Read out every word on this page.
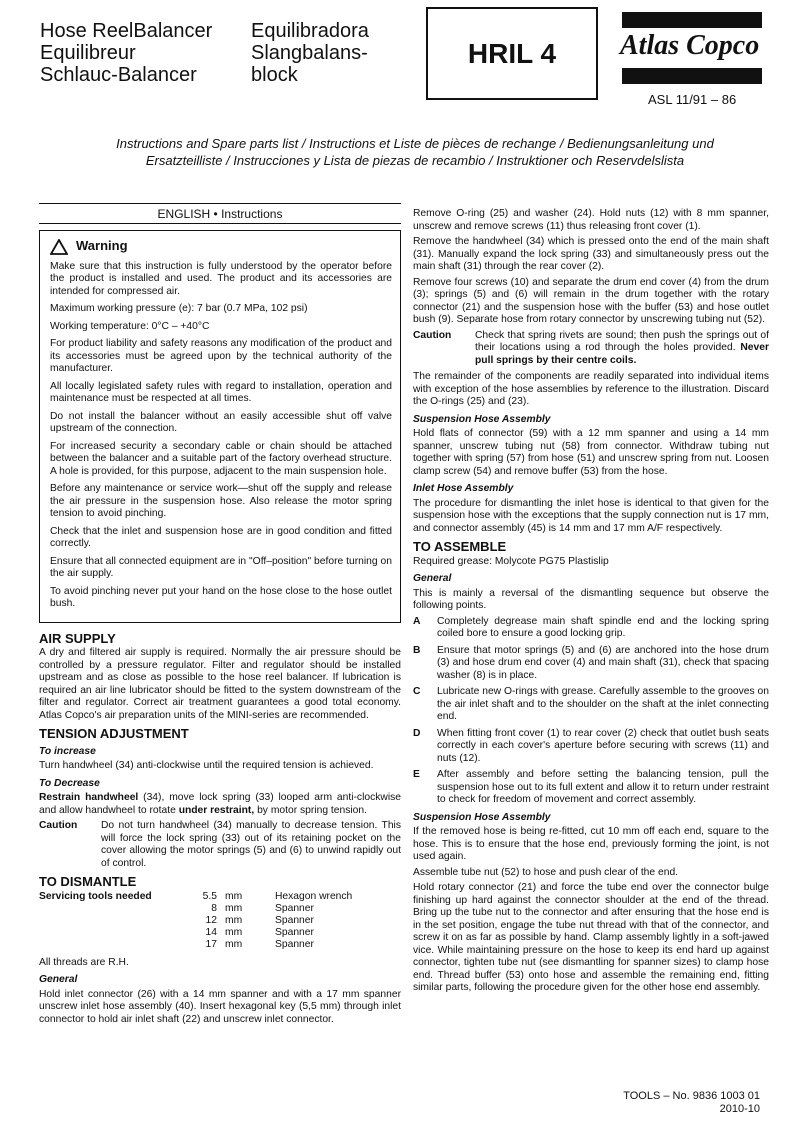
Hose ReelBalancer
Equilibreur
Schlauc-Balancer
Equilibradora
Slangbalans-
block
HRIL 4 Atlas Copco
ASL 11/91 – 86
Instructions and Spare parts list / Instructions et Liste de pièces de rechange / Bedienungsanleitung und
Ersatzteilliste / Instrucciones y Lista de piezas de recambio / Instruktioner och Reservdelslista
ENGLISH • Instructions
Warning

Make sure that this instruction is fully understood by the operator before the product is installed and used. The product and its accessories are intended for compressed air.

Maximum working pressure (e): 7 bar (0.7 MPa, 102 psi)

Working temperature: 0°C – +40°C

For product liability and safety reasons any modification of the product and its accessories must be agreed upon by the technical authority of the manufacturer.

All locally legislated safety rules with regard to installation, operation and maintenance must be respected at all times.

Do not install the balancer without an easily accessible shut off valve upstream of the connection.

For increased security a secondary cable or chain should be attached between the balancer and a suitable part of the factory overhead structure. A hole is provided, for this purpose, adjacent to the main suspension hole.

Before any maintenance or service work—shut off the supply and release the air pressure in the suspension hose. Also release the motor spring tension to avoid pinching.

Check that the inlet and suspension hose are in good condition and fitted correctly.

Ensure that all connected equipment are in "Off–position" before turning on the air supply.

To avoid pinching never put your hand on the hose close to the hose outlet bush.

AIR SUPPLY

A dry and filtered air supply is required. Normally the air pressure should be controlled by a pressure regulator. Filter and regulator should be installed upstream and as close as possible to the hose reel balancer. If lubrication is required an air line lubricator should be fitted to the system downstream of the filter and regulator. Correct air treatment guarantees a good total economy. Atlas Copco's air preparation units of the MINI-series are recommended.

TENSION ADJUSTMENT
To increase

Turn handwheel (34) anti-clockwise until the required tension is achieved.

To Decrease

Restrain handwheel (34), move lock spring (33) looped arm anti-clockwise and allow handwheel to rotate under restraint, by motor spring tension.

Caution	Do not turn handwheel (34) manually to decrease tension. This will force the lock spring (33) out of its retaining pocket on the cover allowing the motor springs (5) and (6) to unwind rapidly out of control.
TO DISMANTLE
Servicing tools needed	5.5	mm	Hexagon wrench
	8	mm	Spanner
	12	mm	Spanner
	14	mm	Spanner
	17	mm	Spanner

All threads are R.H.

General

Hold inlet connector (26) with a 14 mm spanner and with a 17 mm spanner unscrew inlet hose assembly (40). Insert hexagonal key (5,5 mm) through inlet connector to hold air inlet shaft (22) and unscrew inlet connector.

Remove O-ring (25) and washer (24). Hold nuts (12) with 8 mm spanner, unscrew and remove screws (11) thus releasing front cover (1).

Remove the handwheel (34) which is pressed onto the end of the main shaft (31). Manually expand the lock spring (33) and simultaneously press out the main shaft (31) through the rear cover (2).

Remove four screws (10) and separate the drum end cover (4) from the drum (3); springs (5) and (6) will remain in the drum together with the rotary connector (21) and the suspension hose with the buffer (53) and hose outlet bush (9). Separate hose from rotary connector by unscrewing tubing nut (52).

Caution	Check that spring rivets are sound; then push the springs out of their locations using a rod through the holes provided. Never pull springs by their centre coils.

The remainder of the components are readily separated into individual items with exception of the hose assemblies by reference to the illustration. Discard the O-rings (25) and (23).

Suspension Hose Assembly

Hold flats of connector (59) with a 12 mm spanner and using a 14 mm spanner, unscrew tubing nut (58) from connector. Withdraw tubing nut together with spring (57) from hose (51) and unscrew spring from nut. Loosen clamp screw (54) and remove buffer (53) from the hose.

Inlet Hose Assembly

The procedure for dismantling the inlet hose is identical to that given for the suspension hose with the exceptions that the supply connection nut is 17 mm, and connector assembly (45) is 14 mm and 17 mm A/F respectively.

TO ASSEMBLE

Required grease: Molycote PG75 Plastislip

General

This is mainly a reversal of the dismantling sequence but observe the following points.

A	Completely degrease main shaft spindle end and the locking spring coiled bore to ensure a good locking grip.
B	Ensure that motor springs (5) and (6) are anchored into the hose drum (3) and hose drum end cover (4) and main shaft (31), check that spacing washer (8) is in place.
C	Lubricate new O-rings with grease. Carefully assemble to the grooves on the air inlet shaft and to the shoulder on the shaft at the inlet connecting end.
D	When fitting front cover (1) to rear cover (2) check that outlet bush seats correctly in each cover's aperture before securing with screws (11) and nuts (12).
E	After assembly and before setting the balancing tension, pull the suspension hose out to its full extent and allow it to return under restraint to check for freedom of movement and correct assembly.
Suspension Hose Assembly

If the removed hose is being re-fitted, cut 10 mm off each end, square to the hose. This is to ensure that the hose end, previously forming the joint, is not used again.

Assemble tube nut (52) to hose and push clear of the end.

Hold rotary connector (21) and force the tube end over the connector bulge finishing up hard against the connector shoulder at the end of the thread. Bring up the tube nut to the connector and after ensuring that the hose end is in the set position, engage the tube nut thread with that of the connector, and screw it on as far as possible by hand. Clamp assembly lightly in a soft-jawed vice. While maintaining pressure on the hose to keep its end hard up against connector, tighten tube nut (see dismantling for spanner sizes) to clamp hose end. Thread buffer (53) onto hose and assemble the remaining end, fitting similar parts, following the procedure given for the other hose end assembly.

TOOLS – No. 9836 1003 01
2010-10
